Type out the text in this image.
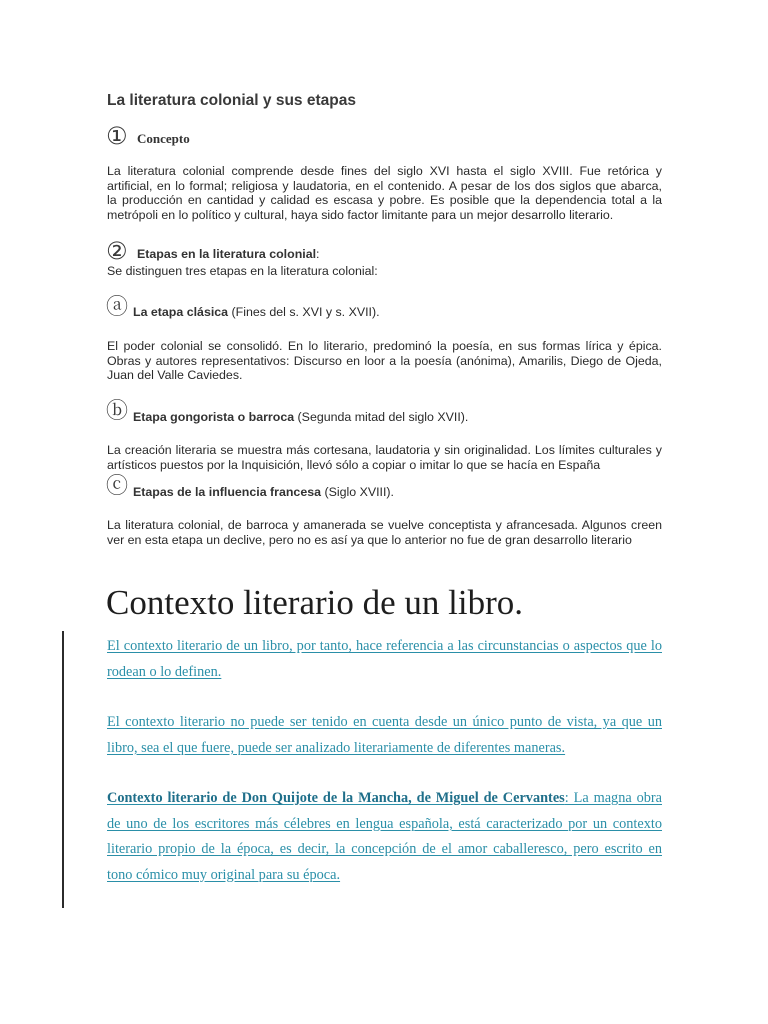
La literatura colonial y sus etapas
① Concepto
La literatura colonial comprende desde fines del siglo XVI hasta el siglo XVIII. Fue retórica y
artificial, en lo formal; religiosa y laudatoria, en el contenido. A pesar de los dos siglos que abarca,
la producción en cantidad y calidad es escasa y pobre. Es posible que la dependencia total a la
metrópoli en lo político y cultural, haya sido factor limitante para un mejor desarrollo literario.
② Etapas en la literatura colonial:
Se distinguen tres etapas en la literatura colonial:
ⓐ La etapa clásica (Fines del s. XVI y s. XVII).
El poder colonial se consolidó. En lo literario, predominó la poesía, en sus formas lírica y épica.
Obras y autores representativos: Discurso en loor a la poesía (anónima), Amarilis, Diego de Ojeda,
Juan del Valle Caviedes.
ⓑ Etapa gongorista o barroca (Segunda mitad del siglo XVII).
La creación literaria se muestra más cortesana, laudatoria y sin originalidad. Los límites culturales y
artísticos puestos por la Inquisición, llevó sólo a copiar o imitar lo que se hacía en España
ⓒ Etapas de la influencia francesa (Siglo XVIII).
La literatura colonial, de barroca y amanerada se vuelve conceptista y afrancesada. Algunos creen
ver en esta etapa un declive, pero no es así ya que lo anterior no fue de gran desarrollo literario
Contexto literario de un libro.
El contexto literario de un libro, por tanto, hace referencia a las circunstancias o aspectos que lo
rodean o lo definen.
El contexto literario no puede ser tenido en cuenta desde un único punto de vista, ya que un
libro, sea el que fuere, puede ser analizado literariamente de diferentes maneras.
Contexto literario de Don Quijote de la Mancha, de Miguel de Cervantes: La magna obra
de uno de los escritores más célebres en lengua española, está caracterizado por un contexto
literario propio de la época, es decir, la concepción de el amor caballeresco, pero escrito en
tono cómico muy original para su época.
